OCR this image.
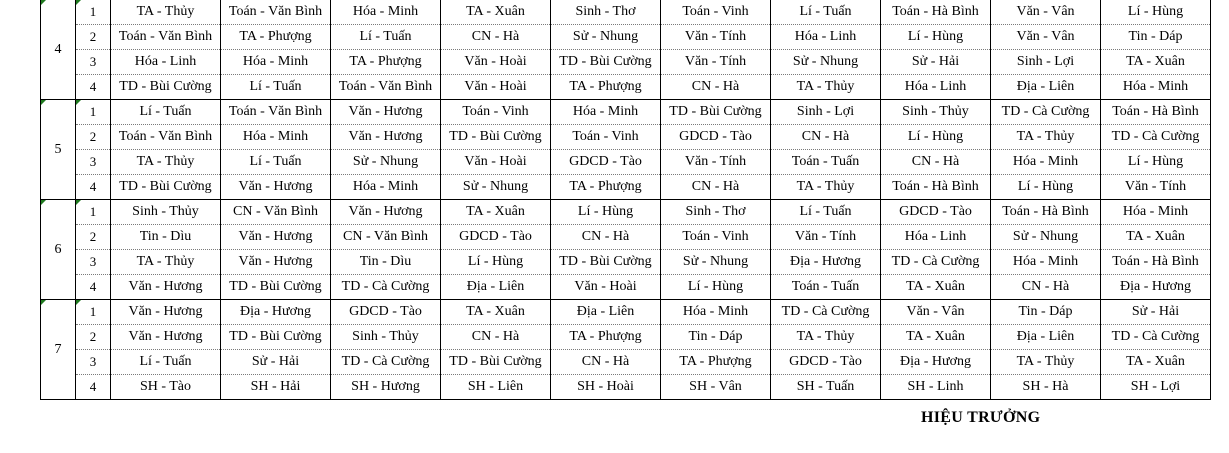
4	1	TA - Thủy	Toán - Văn Bình	Hóa - Minh	TA - Xuân	Sinh - Thơ	Toán - Vinh	Lí - Tuấn	Toán - Hà Bình	Văn - Vân	Lí - Hùng
	2	Toán - Văn Bình	TA - Phượng	Lí - Tuấn	CN - Hà	Sử - Nhung	Văn - Tính	Hóa - Linh	Lí - Hùng	Văn - Vân	Tin - Dáp
	3	Hóa - Linh	Hóa - Minh	TA - Phượng	Văn - Hoài	TD - Bùi Cường	Văn - Tính	Sử - Nhung	Sử - Hải	Sinh - Lợi	TA - Xuân
	4	TD - Bùi Cường	Lí - Tuấn	Toán - Văn Bình	Văn - Hoài	TA - Phượng	CN - Hà	TA - Thủy	Hóa - Linh	Địa - Liên	Hóa - Minh
5	1	Lí - Tuấn	Toán - Văn Bình	Văn - Hương	Toán - Vinh	Hóa - Minh	TD - Bùi Cường	Sinh - Lợi	Sinh - Thủy	TD - Cà Cường	Toán - Hà Bình
	2	Toán - Văn Bình	Hóa - Minh	Văn - Hương	TD - Bùi Cường	Toán - Vinh	GDCD - Tào	CN - Hà	Lí - Hùng	TA - Thủy	TD - Cà Cường
	3	TA - Thủy	Lí - Tuấn	Sử - Nhung	Văn - Hoài	GDCD - Tào	Văn - Tính	Toán - Tuấn	CN - Hà	Hóa - Minh	Lí - Hùng
	4	TD - Bùi Cường	Văn - Hương	Hóa - Minh	Sử - Nhung	TA - Phượng	CN - Hà	TA - Thủy	Toán - Hà Bình	Lí - Hùng	Văn - Tính
6	1	Sinh - Thủy	CN - Văn Bình	Văn - Hương	TA - Xuân	Lí - Hùng	Sinh - Thơ	Lí - Tuấn	GDCD - Tào	Toán - Hà Bình	Hóa - Minh
	2	Tin - Dìu	Văn - Hương	CN - Văn Bình	GDCD - Tào	CN - Hà	Toán - Vinh	Văn - Tính	Hóa - Linh	Sử - Nhung	TA - Xuân
	3	TA - Thủy	Văn - Hương	Tin - Dìu	Lí - Hùng	TD - Bùi Cường	Sử - Nhung	Địa - Hương	TD - Cà Cường	Hóa - Minh	Toán - Hà Bình
	4	Văn - Hương	TD - Bùi Cường	TD - Cà Cường	Địa - Liên	Văn - Hoài	Lí - Hùng	Toán - Tuấn	TA - Xuân	CN - Hà	Địa - Hương
7	1	Văn - Hương	Địa - Hương	GDCD - Tào	TA - Xuân	Địa - Liên	Hóa - Minh	TD - Cà Cường	Văn - Vân	Tin - Dáp	Sử - Hải
	2	Văn - Hương	TD - Bùi Cường	Sinh - Thủy	CN - Hà	TA - Phượng	Tin - Dáp	TA - Thủy	TA - Xuân	Địa - Liên	TD - Cà Cường
	3	Lí - Tuấn	Sử - Hải	TD - Cà Cường	TD - Bùi Cường	CN - Hà	TA - Phượng	GDCD - Tào	Địa - Hương	TA - Thủy	TA - Xuân
	4	SH - Tào	SH - Hải	SH - Hương	SH - Liên	SH - Hoài	SH - Vân	SH - Tuấn	SH - Linh	SH - Hà	SH - Lợi
HIỆU TRƯỞNG
